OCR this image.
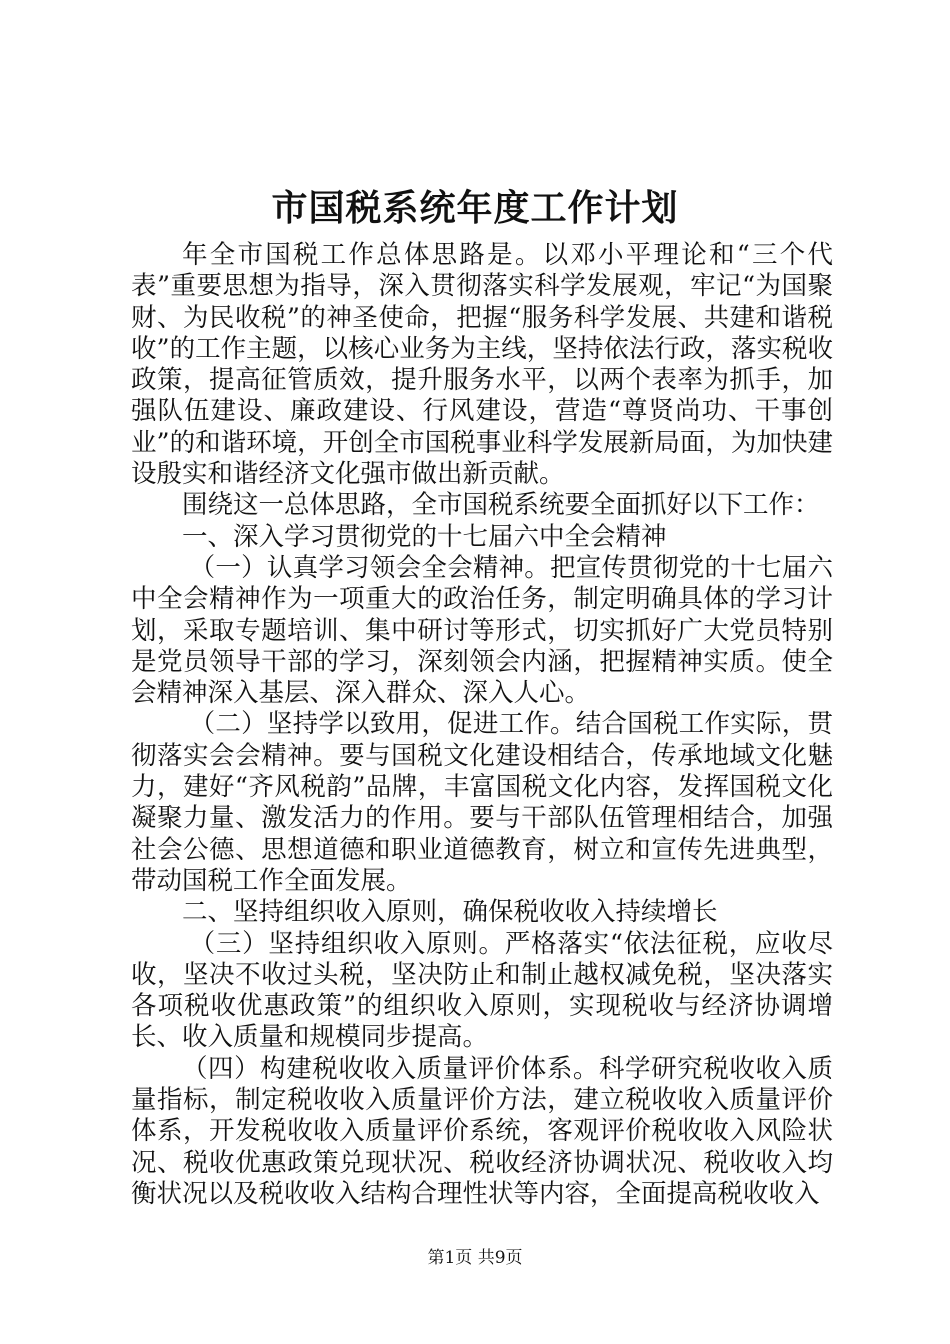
市国税系统年度工作计划

年全市国税工作总体思路是。以邓小平理论和“三个代表”重要思想为指导，深入贯彻落实科学发展观，牢记“为国聚财、为民收税”的神圣使命，把握“服务科学发展、共建和谐税收”的工作主题，以核心业务为主线，坚持依法行政，落实税收政策，提高征管质效，提升服务水平，以两个表率为抓手，加强队伍建设、廉政建设、行风建设，营造“尊贤尚功、干事创业”的和谐环境，开创全市国税事业科学发展新局面，为加快建设殷实和谐经济文化强市做出新贡献。

围绕这一总体思路，全市国税系统要全面抓好以下工作：

一、深入学习贯彻党的十七届六中全会精神

（一）认真学习领会全会精神。把宣传贯彻党的十七届六中全会精神作为一项重大的政治任务，制定明确具体的学习计划，采取专题培训、集中研讨等形式，切实抓好广大党员特别是党员领导干部的学习，深刻领会内涵，把握精神实质。使全会精神深入基层、深入群众、深入人心。

（二）坚持学以致用，促进工作。结合国税工作实际，贯彻落实会会精神。要与国税文化建设相结合，传承地域文化魅力，建好“齐风税韵”品牌，丰富国税文化内容，发挥国税文化凝聚力量、激发活力的作用。要与干部队伍管理相结合，加强社会公德、思想道德和职业道德教育，树立和宣传先进典型，带动国税工作全面发展。

二、坚持组织收入原则，确保税收收入持续增长

（三）坚持组织收入原则。严格落实“依法征税，应收尽收，坚决不收过头税，坚决防止和制止越权减免税，坚决落实各项税收优惠政策”的组织收入原则，实现税收与经济协调增长、收入质量和规模同步提高。

（四）构建税收收入质量评价体系。科学研究税收收入质量指标，制定税收收入质量评价方法，建立税收收入质量评价体系，开发税收收入质量评价系统，客观评价税收收入风险状况、税收优惠政策兑现状况、税收经济协调状况、税收收入均衡状况以及税收收入结构合理性状等内容，全面提高税收收入

第1页 共9页
